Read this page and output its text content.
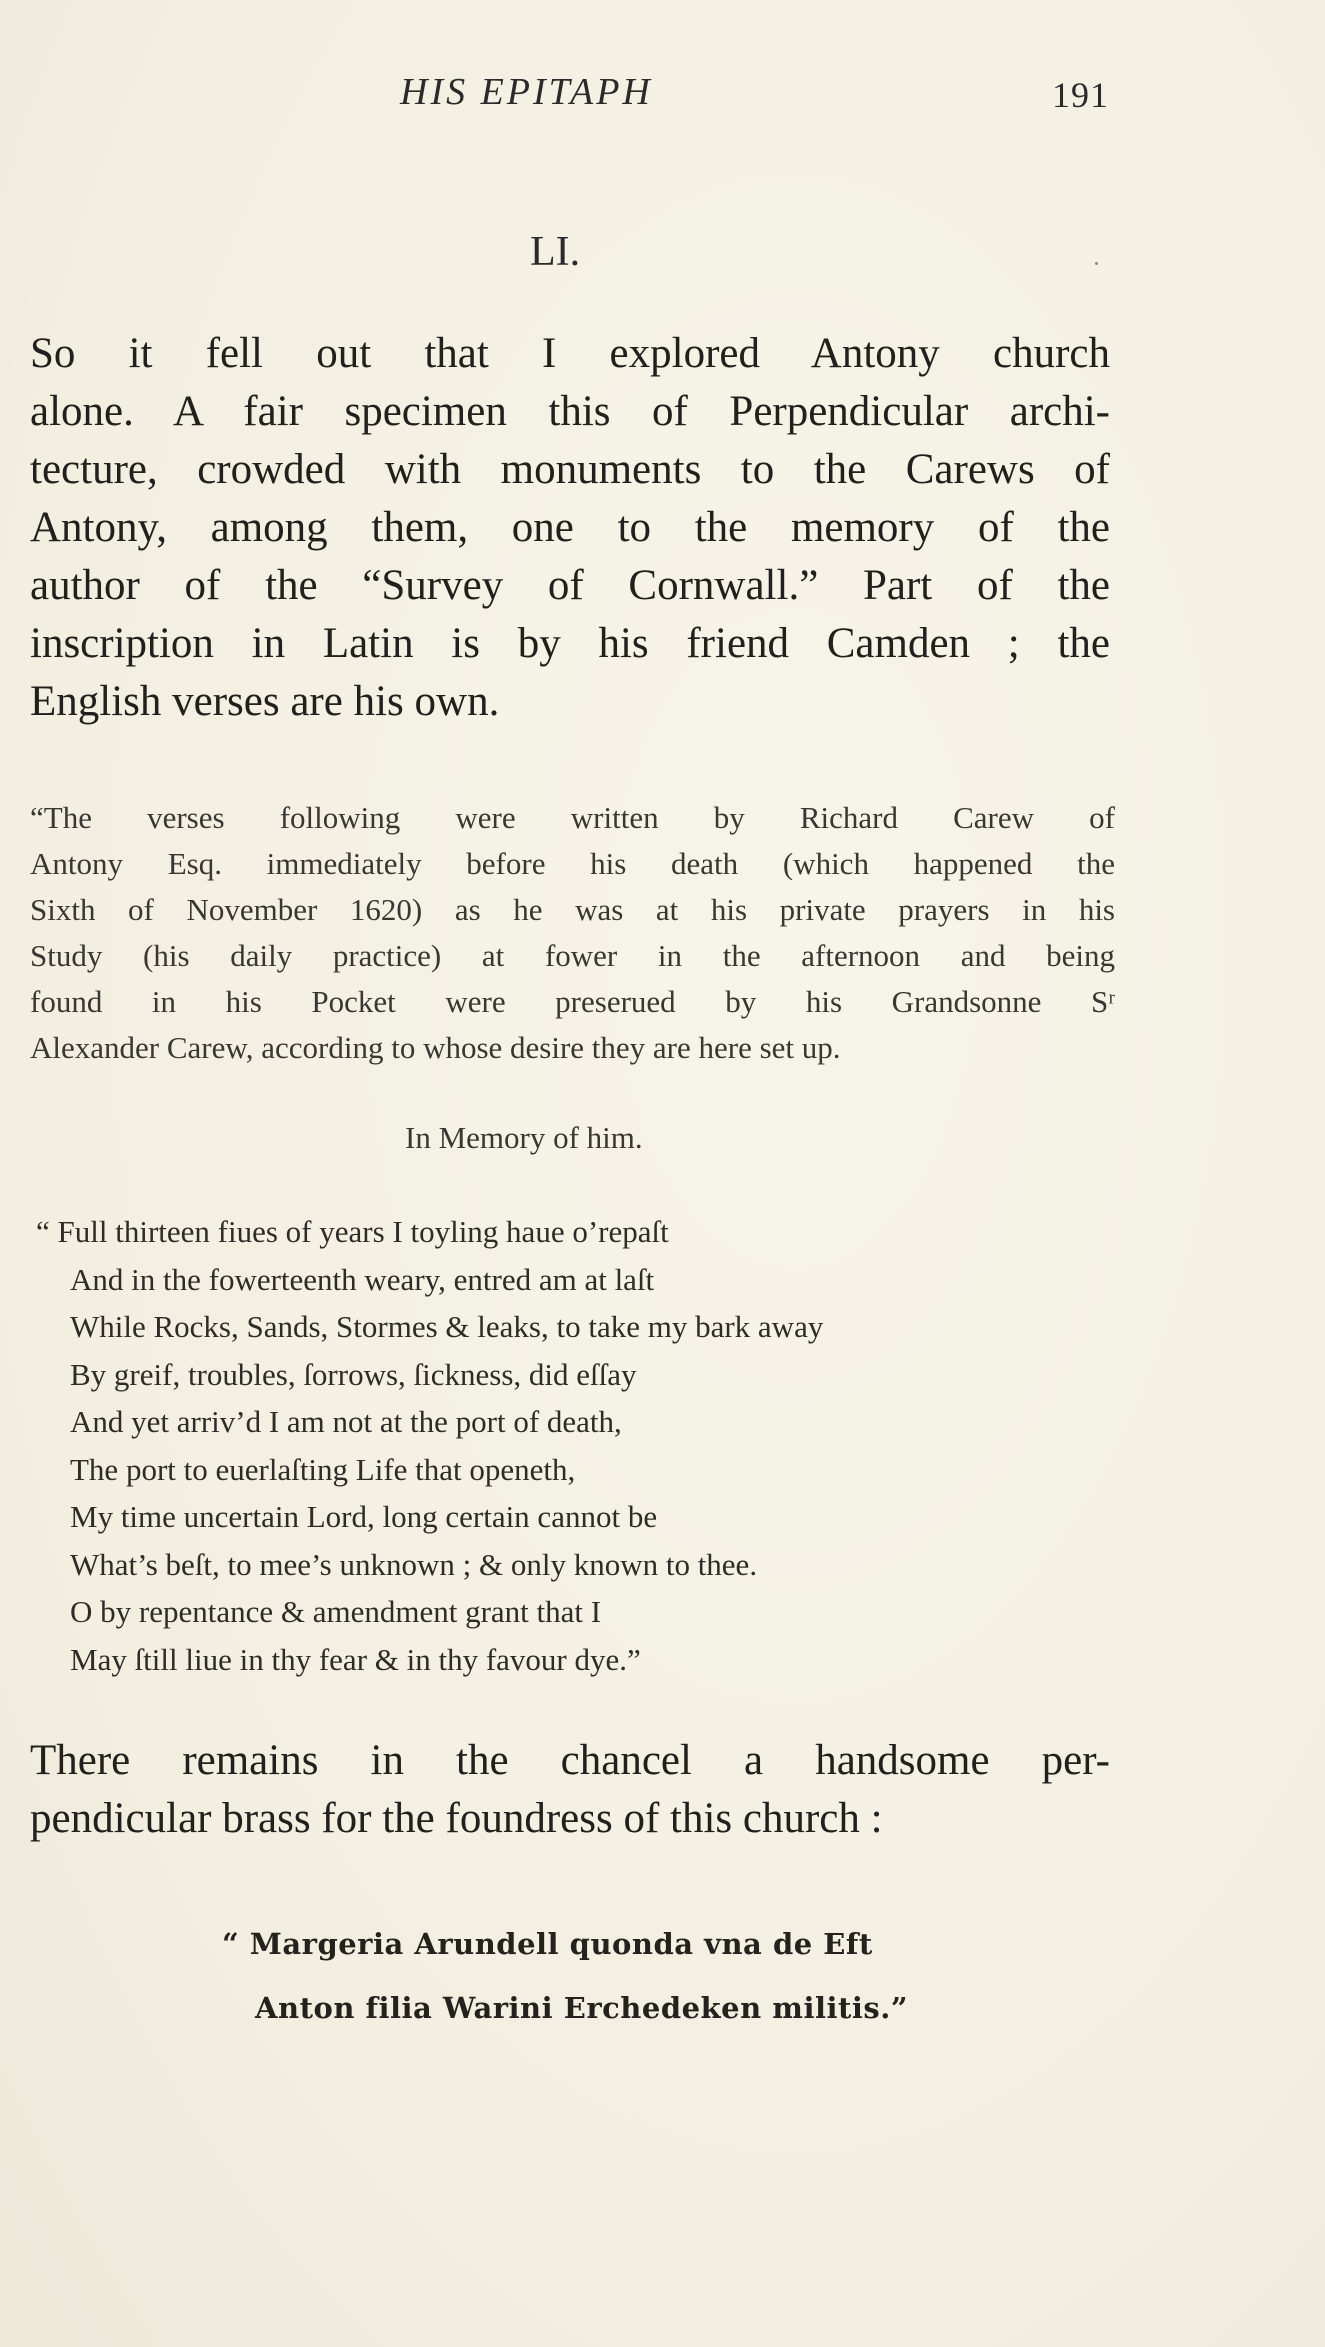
HIS EPITAPH	191
LI.
So it fell out that I explored Antony church
alone. A fair specimen this of Perpendicular archi-
tecture, crowded with monuments to the Carews of
Antony, among them, one to the memory of the
author of the “Survey of Cornwall.” Part of the
inscription in Latin is by his friend Camden ; the
English verses are his own.
“The verses following were written by Richard Carew of
Antony Esq. immediately before his death (which happened the
Sixth of November 1620) as he was at his private prayers in his
Study (his daily practice) at fower in the afternoon and being
found in his Pocket were preserued by his Grandsonne Sʳ
Alexander Carew, according to whose desire they are here set up.
In Memory of him.
“ Full thirteen fiues of years I toyling haue o’repaſt
And in the fowerteenth weary, entred am at laſt
While Rocks, Sands, Stormes & leaks, to take my bark away
By greif, troubles, ſorrows, ſickness, did eſſay
And yet arriv’d I am not at the port of death,
The port to euerlaſting Life that openeth,
My time uncertain Lord, long certain cannot be
What’s beſt, to mee’s unknown ; & only known to thee.
O by repentance & amendment grant that I
May ſtill liue in thy fear & in thy favour dye.”
There remains in the chancel a handsome per-
pendicular brass for the foundress of this church :
“ Margeria Arundell quonda vna de Eft
Anton filia Warini Erchedeken militis.”
